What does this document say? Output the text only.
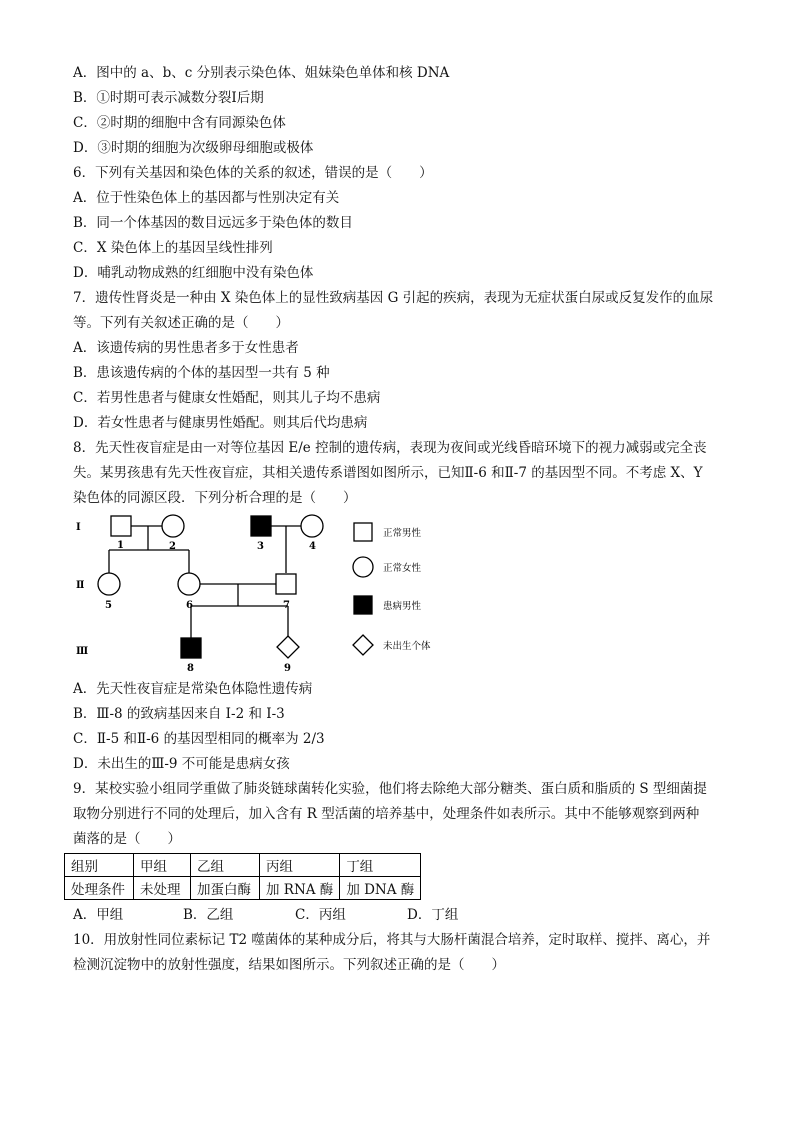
A．图中的 a、b、c 分别表示染色体、姐妹染色单体和核 DNA
B．①时期可表示减数分裂Ⅰ后期
C．②时期的细胞中含有同源染色体
D．③时期的细胞为次级卵母细胞或极体
6．下列有关基因和染色体的关系的叙述，错误的是（　　）
A．位于性染色体上的基因都与性别决定有关
B．同一个体基因的数目远远多于染色体的数目
C．X 染色体上的基因呈线性排列
D．哺乳动物成熟的红细胞中没有染色体
7．遗传性肾炎是一种由 X 染色体上的显性致病基因 G 引起的疾病，表现为无症状蛋白尿或反复发作的血尿
等。下列有关叙述正确的是（　　）
A．该遗传病的男性患者多于女性患者
B．患该遗传病的个体的基因型一共有 5 种
C．若男性患者与健康女性婚配，则其儿子均不患病
D．若女性患者与健康男性婚配。则其后代均患病
8．先天性夜盲症是由一对等位基因 E/e 控制的遗传病，表现为夜间或光线昏暗环境下的视力减弱或完全丧
失。某男孩患有先天性夜盲症，其相关遗传系谱图如图所示，已知Ⅱ-6 和Ⅱ-7 的基因型不同。不考虑 X、Y
染色体的同源区段．下列分析合理的是（　　）
Ⅰ
Ⅱ
Ⅲ
1	2	3	4
5	6	7
8	9
正常男性
正常女性
患病男性
未出生个体
A．先天性夜盲症是常染色体隐性遗传病
B．Ⅲ-8 的致病基因来自 I-2 和 I-3
C．Ⅱ-5 和Ⅱ-6 的基因型相同的概率为 2/3
D．未出生的Ⅲ-9 不可能是患病女孩
9．某校实验小组同学重做了肺炎链球菌转化实验，他们将去除绝大部分糖类、蛋白质和脂质的 S 型细菌提
取物分别进行不同的处理后，加入含有 R 型活菌的培养基中，处理条件如表所示。其中不能够观察到两种
菌落的是（　　）
组别	甲组	乙组	丙组	丁组
处理条件	未处理	加蛋白酶	加 RNA 酶	加 DNA 酶
A．甲组	B．乙组	C．丙组	D．丁组
10．用放射性同位素标记 T2 噬菌体的某种成分后，将其与大肠杆菌混合培养，定时取样、搅拌、离心，并
检测沉淀物中的放射性强度，结果如图所示。下列叙述正确的是（　　）
